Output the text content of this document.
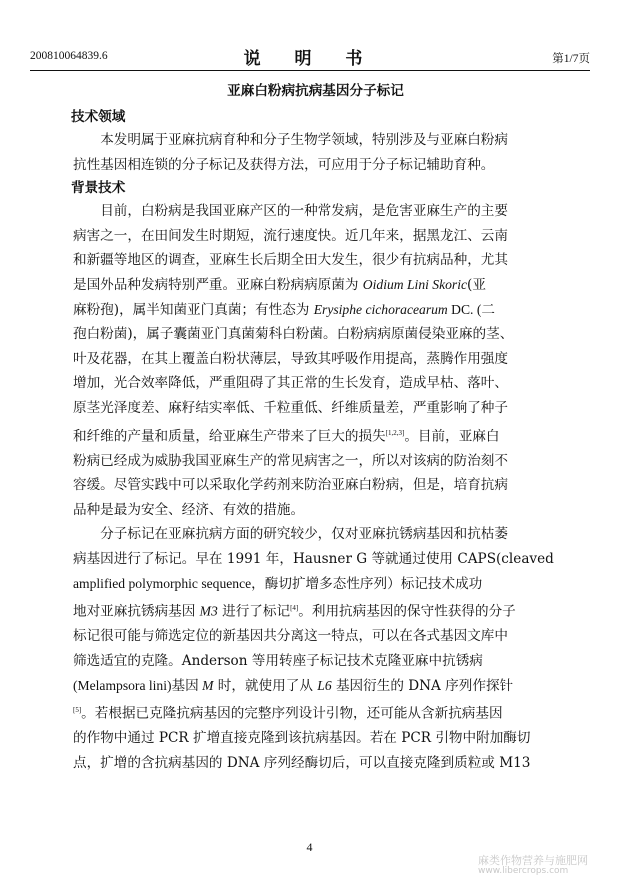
200810064839.6	说 明 书	第1/7页
亚麻白粉病抗病基因分子标记
技术领域
本发明属于亚麻抗病育种和分子生物学领域，特别涉及与亚麻白粉病
抗性基因相连锁的分子标记及获得方法，可应用于分子标记辅助育种。
背景技术
目前，白粉病是我国亚麻产区的一种常发病，是危害亚麻生产的主要
病害之一，在田间发生时期短，流行速度快。近几年来，据黑龙江、云南
和新疆等地区的调查，亚麻生长后期全田大发生，很少有抗病品种，尤其
是国外品种发病特别严重。亚麻白粉病病原菌为 Oidium Lini Skoric(亚
麻粉孢)，属半知菌亚门真菌；有性态为 Erysiphe cichoracearum DC. (二
孢白粉菌)，属子囊菌亚门真菌菊科白粉菌。白粉病病原菌侵染亚麻的茎、
叶及花器，在其上覆盖白粉状薄层，导致其呼吸作用提高，蒸腾作用强度
增加，光合效率降低，严重阻碍了其正常的生长发育，造成早枯、落叶、
原茎光泽度差、麻籽结实率低、千粒重低、纤维质量差，严重影响了种子
和纤维的产量和质量，给亚麻生产带来了巨大的损失[1,2,3]。目前，亚麻白
粉病已经成为威胁我国亚麻生产的常见病害之一，所以对该病的防治刻不
容缓。尽管实践中可以采取化学药剂来防治亚麻白粉病，但是，培育抗病
品种是最为安全、经济、有效的措施。
分子标记在亚麻抗病方面的研究较少，仅对亚麻抗锈病基因和抗枯萎
病基因进行了标记。早在 1991 年，Hausner G 等就通过使用 CAPS(cleaved
amplified polymorphic sequence，酶切扩增多态性序列）标记技术成功
地对亚麻抗锈病基因 M3 进行了标记[4]。利用抗病基因的保守性获得的分子
标记很可能与筛选定位的新基因共分离这一特点，可以在各式基因文库中
筛选适宜的克隆。Anderson 等用转座子标记技术克隆亚麻中抗锈病
(Melampsora lini)基因 M 时，就使用了从 L6 基因衍生的 DNA 序列作探针
[5]。若根据已克隆抗病基因的完整序列设计引物，还可能从含新抗病基因
的作物中通过 PCR 扩增直接克隆到该抗病基因。若在 PCR 引物中附加酶切
点，扩增的含抗病基因的 DNA 序列经酶切后，可以直接克隆到质粒或 M13
4
麻类作物营养与施肥网
www.libercrops.com
